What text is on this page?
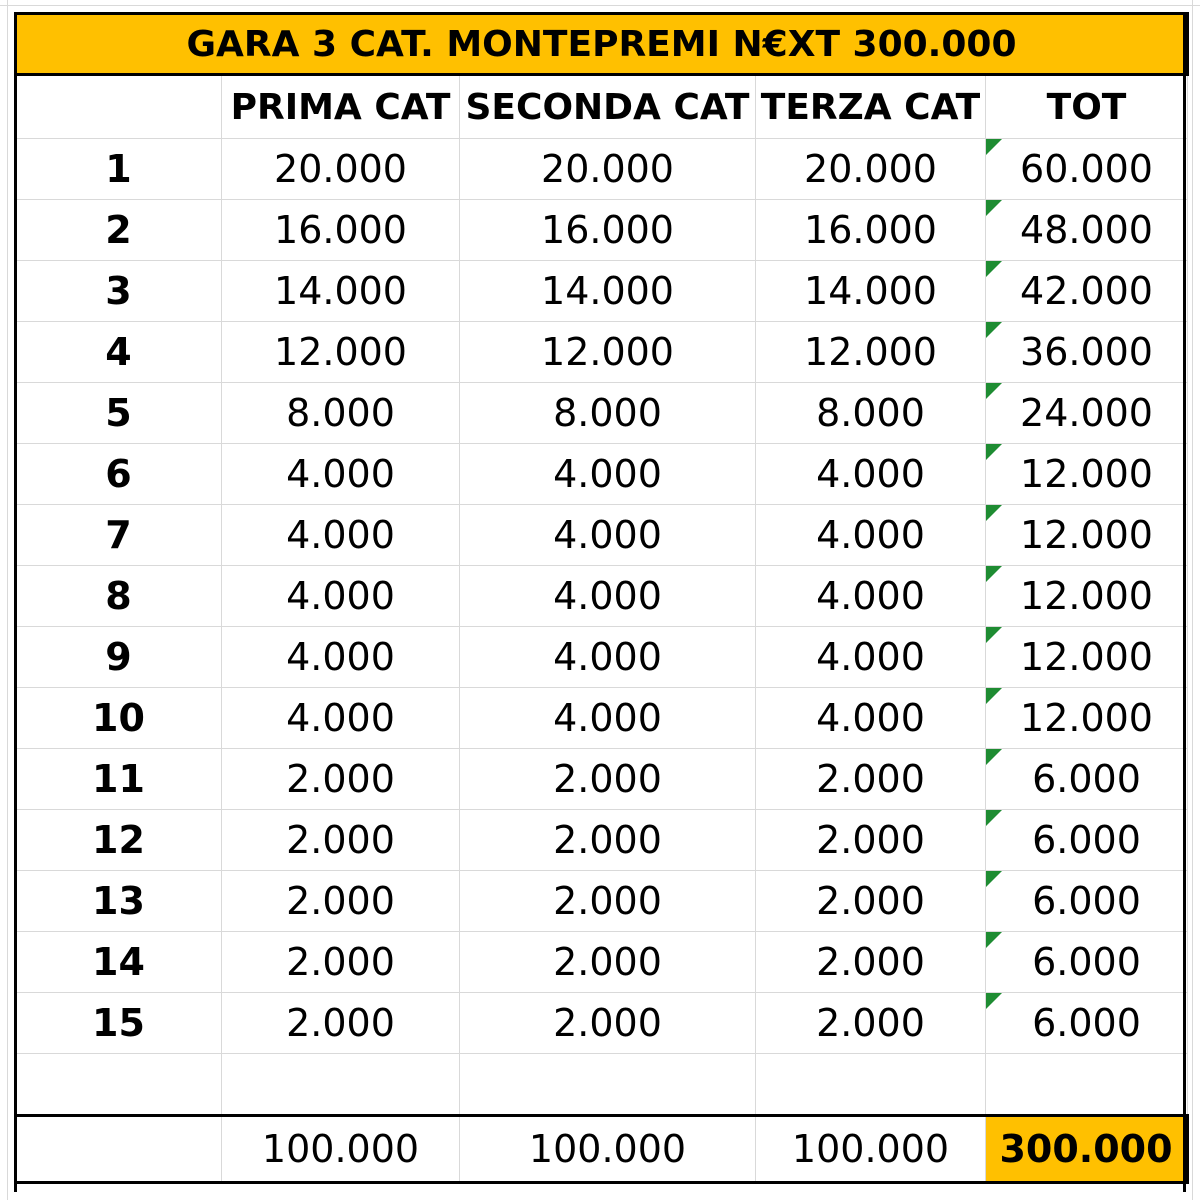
GARA 3 CAT. MONTEPREMI N€XT 300.000				
	PRIMA CAT	SECONDA CAT	TERZA CAT	TOT
1	20.000	20.000	20.000	60.000
2	16.000	16.000	16.000	48.000
3	14.000	14.000	14.000	42.000
4	12.000	12.000	12.000	36.000
5	8.000	8.000	8.000	24.000
6	4.000	4.000	4.000	12.000
7	4.000	4.000	4.000	12.000
8	4.000	4.000	4.000	12.000
9	4.000	4.000	4.000	12.000
10	4.000	4.000	4.000	12.000
11	2.000	2.000	2.000	6.000
12	2.000	2.000	2.000	6.000
13	2.000	2.000	2.000	6.000
14	2.000	2.000	2.000	6.000
15	2.000	2.000	2.000	6.000

	100.000	100.000	100.000	300.000
